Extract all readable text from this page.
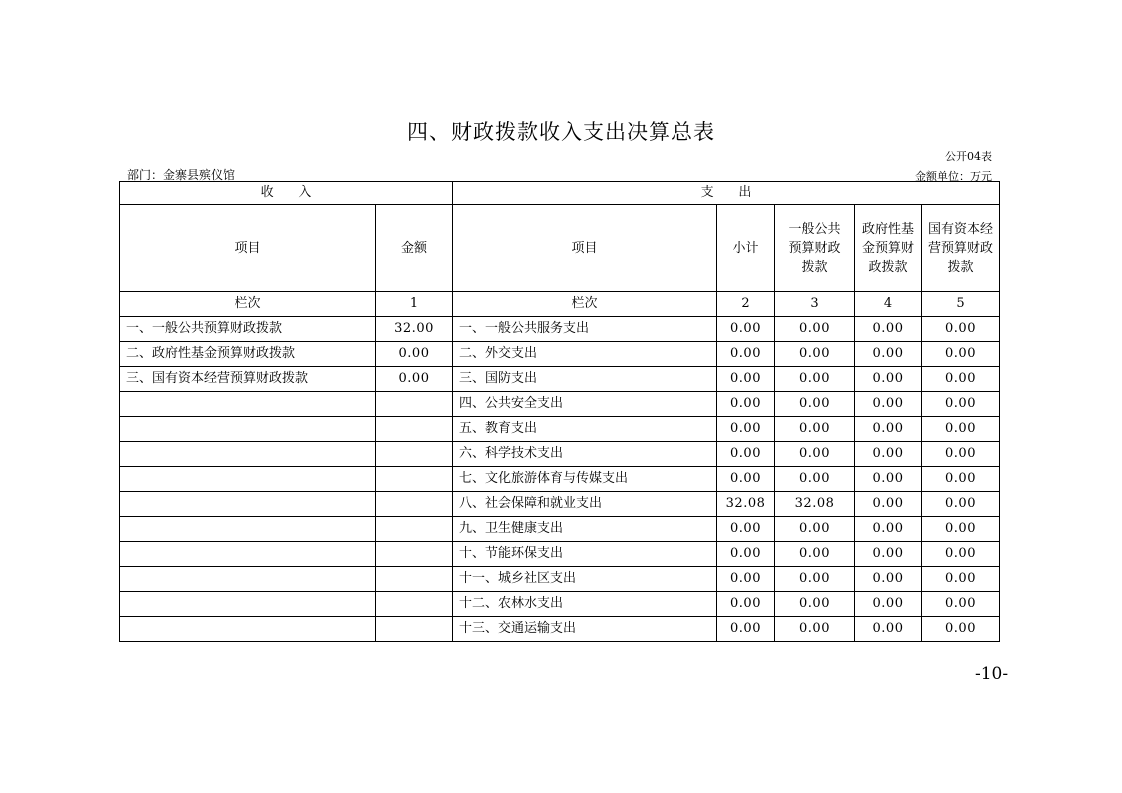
四、财政拨款收入支出决算总表
公开04表
部门：金寨县殡仪馆	金额单位：万元
收      入		支      出				
项目	金额	项目	小计	一般公共预算财政拨款	政府性基金预算财政拨款	国有资本经营预算财政拨款
栏次	1	栏次	2	3	4	5
一、一般公共预算财政拨款	32.00	一、一般公共服务支出	0.00	0.00	0.00	0.00
二、政府性基金预算财政拨款	0.00	二、外交支出	0.00	0.00	0.00	0.00
三、国有资本经营预算财政拨款	0.00	三、国防支出	0.00	0.00	0.00	0.00
		四、公共安全支出	0.00	0.00	0.00	0.00
		五、教育支出	0.00	0.00	0.00	0.00
		六、科学技术支出	0.00	0.00	0.00	0.00
		七、文化旅游体育与传媒支出	0.00	0.00	0.00	0.00
		八、社会保障和就业支出	32.08	32.08	0.00	0.00
		九、卫生健康支出	0.00	0.00	0.00	0.00
		十、节能环保支出	0.00	0.00	0.00	0.00
		十一、城乡社区支出	0.00	0.00	0.00	0.00
		十二、农林水支出	0.00	0.00	0.00	0.00
		十三、交通运输支出	0.00	0.00	0.00	0.00
-10-
